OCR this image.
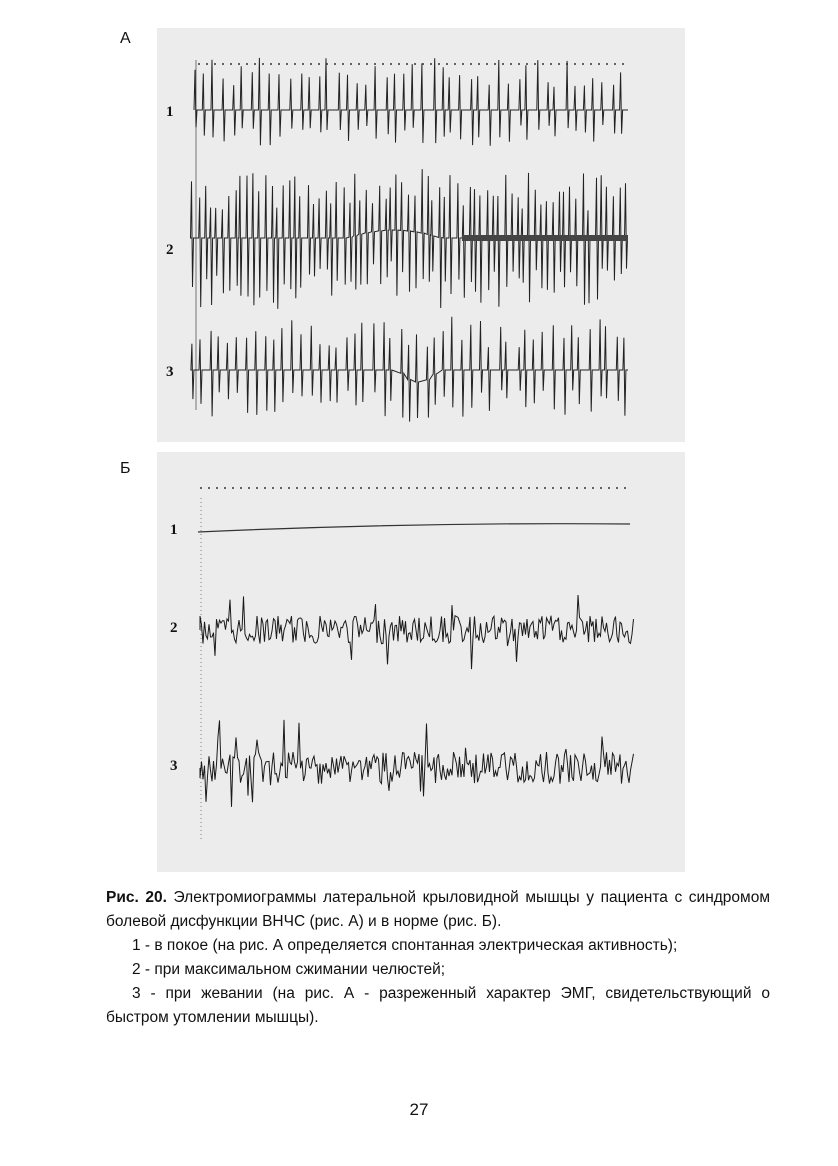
А
Б
1
2
3
1
2
3

Рис. 20. Электромиограммы латеральной крыловидной мышцы у пациента с синдромом болевой дисфункции ВНЧС (рис. А) и в норме (рис. Б).

1 - в покое (на рис. А определяется спонтанная электрическая активность);

2 - при максимальном сжимании челюстей;

3 - при жевании (на рис. А - разреженный характер ЭМГ, свидетельствующий о быстром утомлении мышцы).

27
